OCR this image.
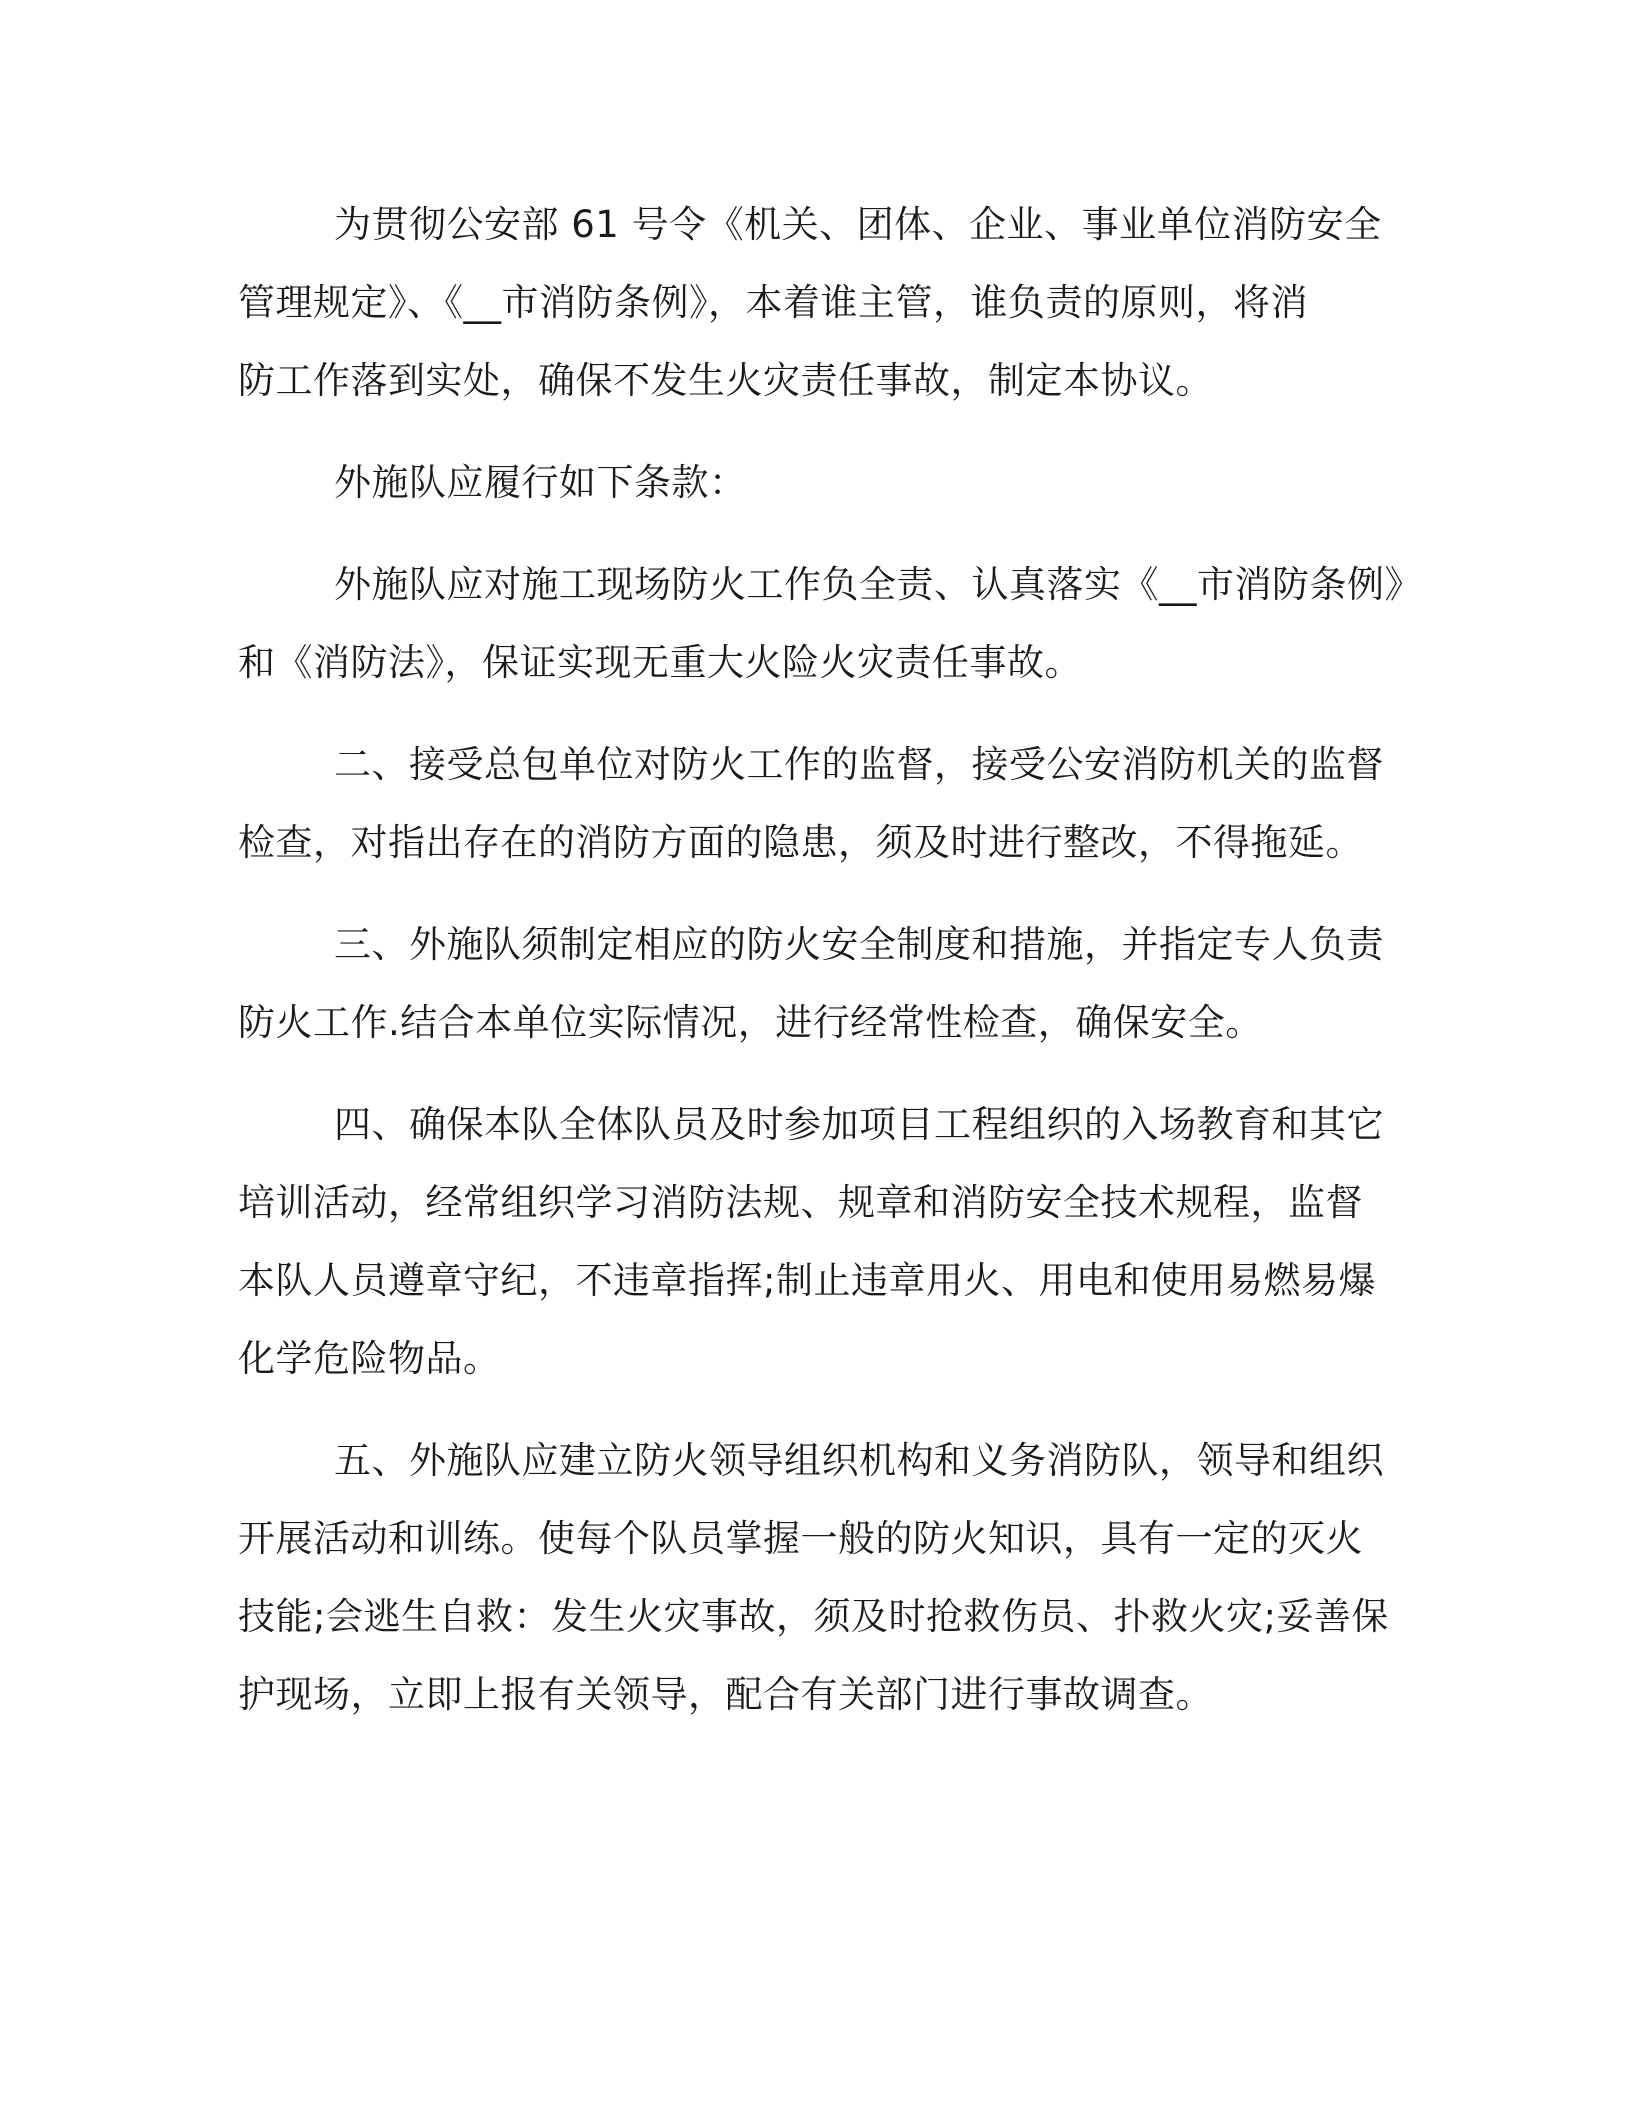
为贯彻公安部 61 号令《机关、团体、企业、事业单位消防安全
管理规定》、《__市消防条例》，本着谁主管，谁负责的原则，将消
防工作落到实处，确保不发生火灾责任事故，制定本协议。
外施队应履行如下条款：
外施队应对施工现场防火工作负全责、认真落实《__市消防条例》
和《消防法》，保证实现无重大火险火灾责任事故。
二、接受总包单位对防火工作的监督，接受公安消防机关的监督
检查，对指出存在的消防方面的隐患，须及时进行整改，不得拖延。
三、外施队须制定相应的防火安全制度和措施，并指定专人负责
防火工作.结合本单位实际情况，进行经常性检查，确保安全。
四、确保本队全体队员及时参加项目工程组织的入场教育和其它
培训活动，经常组织学习消防法规、规章和消防安全技术规程，监督
本队人员遵章守纪，不违章指挥;制止违章用火、用电和使用易燃易爆
化学危险物品。
五、外施队应建立防火领导组织机构和义务消防队，领导和组织
开展活动和训练。使每个队员掌握一般的防火知识，具有一定的灭火
技能;会逃生自救：发生火灾事故，须及时抢救伤员、扑救火灾;妥善保
护现场，立即上报有关领导，配合有关部门进行事故调查。
